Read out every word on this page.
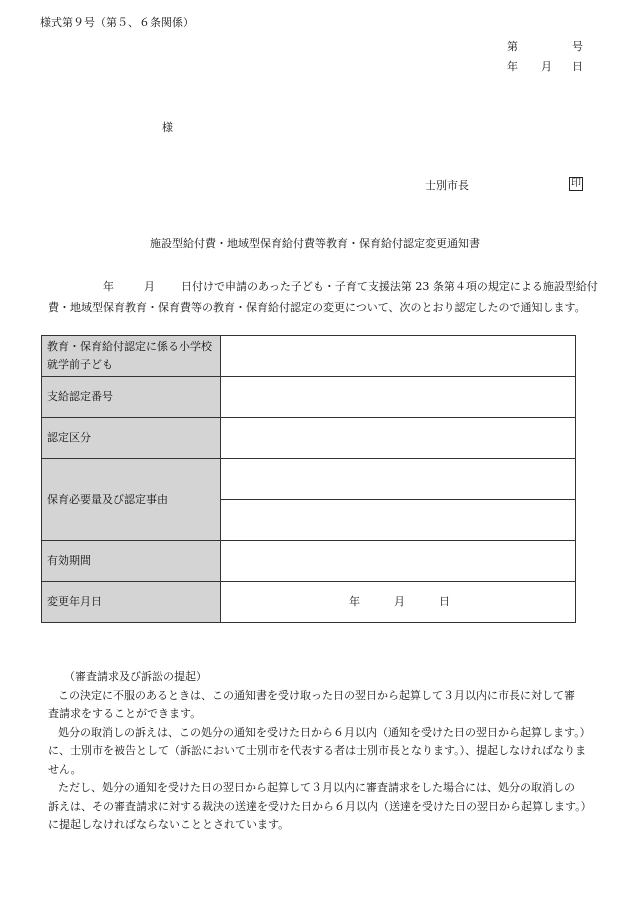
様式第９号（第５、６条関係）
第	号
年 月 日
様
士別市長	印
施設型給付費・地域型保育給付費等教育・保育給付認定変更通知書
年	月 日付けで申請のあった子ども・子育て支援法第 23 条第４項の規定による施設型給付
費・地域型保育教育・保育費等の教育・保育給付認定の変更について、次のとおり認定したので通知します。
教育・保育給付認定に係る小学校
就学前子ども	

支給認定番号	
認定区分	
保育必要量及び認定事由	

有効期間	
変更年月日	年 月 日
（審査請求及び訴訟の提起）
この決定に不服のあるときは、この通知書を受け取った日の翌日から起算して３月以内に市長に対して審
査請求をすることができます。
処分の取消しの訴えは、この処分の通知を受けた日から６月以内（通知を受けた日の翌日から起算します。）
に、士別市を被告として（訴訟において士別市を代表する者は士別市長となります。）、提起しなければなりま
せん。
ただし、処分の通知を受けた日の翌日から起算して３月以内に審査請求をした場合には、処分の取消しの
訴えは、その審査請求に対する裁決の送達を受けた日から６月以内（送達を受けた日の翌日から起算します。）
に提起しなければならないこととされています。
